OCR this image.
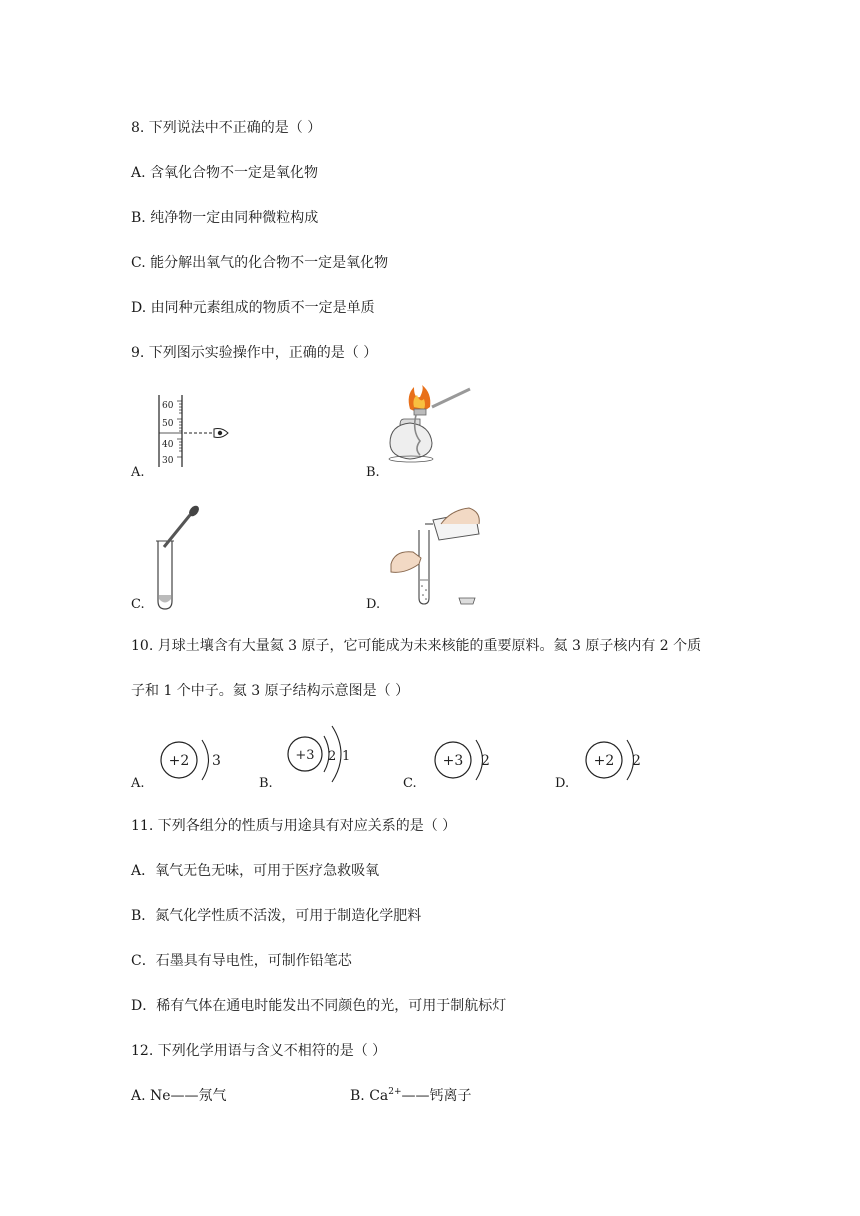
8. 下列说法中不正确的是（ ）
A. 含氧化合物不一定是氧化物
B. 纯净物一定由同种微粒构成
C. 能分解出氧气的化合物不一定是氧化物
D. 由同种元素组成的物质不一定是单质
9. 下列图示实验操作中，正确的是（ ）
60
50
40
30
A.	B.
C.	D.
10. 月球土壤含有大量氦 3 原子，它可能成为未来核能的重要原料。氦 3 原子核内有 2 个质
子和 1 个中子。氦 3 原子结构示意图是（ ）
+2 3
A.
+3 2 1
B.
+3 2
C.
+2 2
D.
11. 下列各组分的性质与用途具有对应关系的是（ ）
A．氧气无色无味，可用于医疗急救吸氧
B．氮气化学性质不活泼，可用于制造化学肥料
C．石墨具有导电性，可制作铅笔芯
D．稀有气体在通电时能发出不同颜色的光，可用于制航标灯
12. 下列化学用语与含义不相符的是（ ）
A. Ne——氖气	B. $Ca^{2+}——$钙离子
